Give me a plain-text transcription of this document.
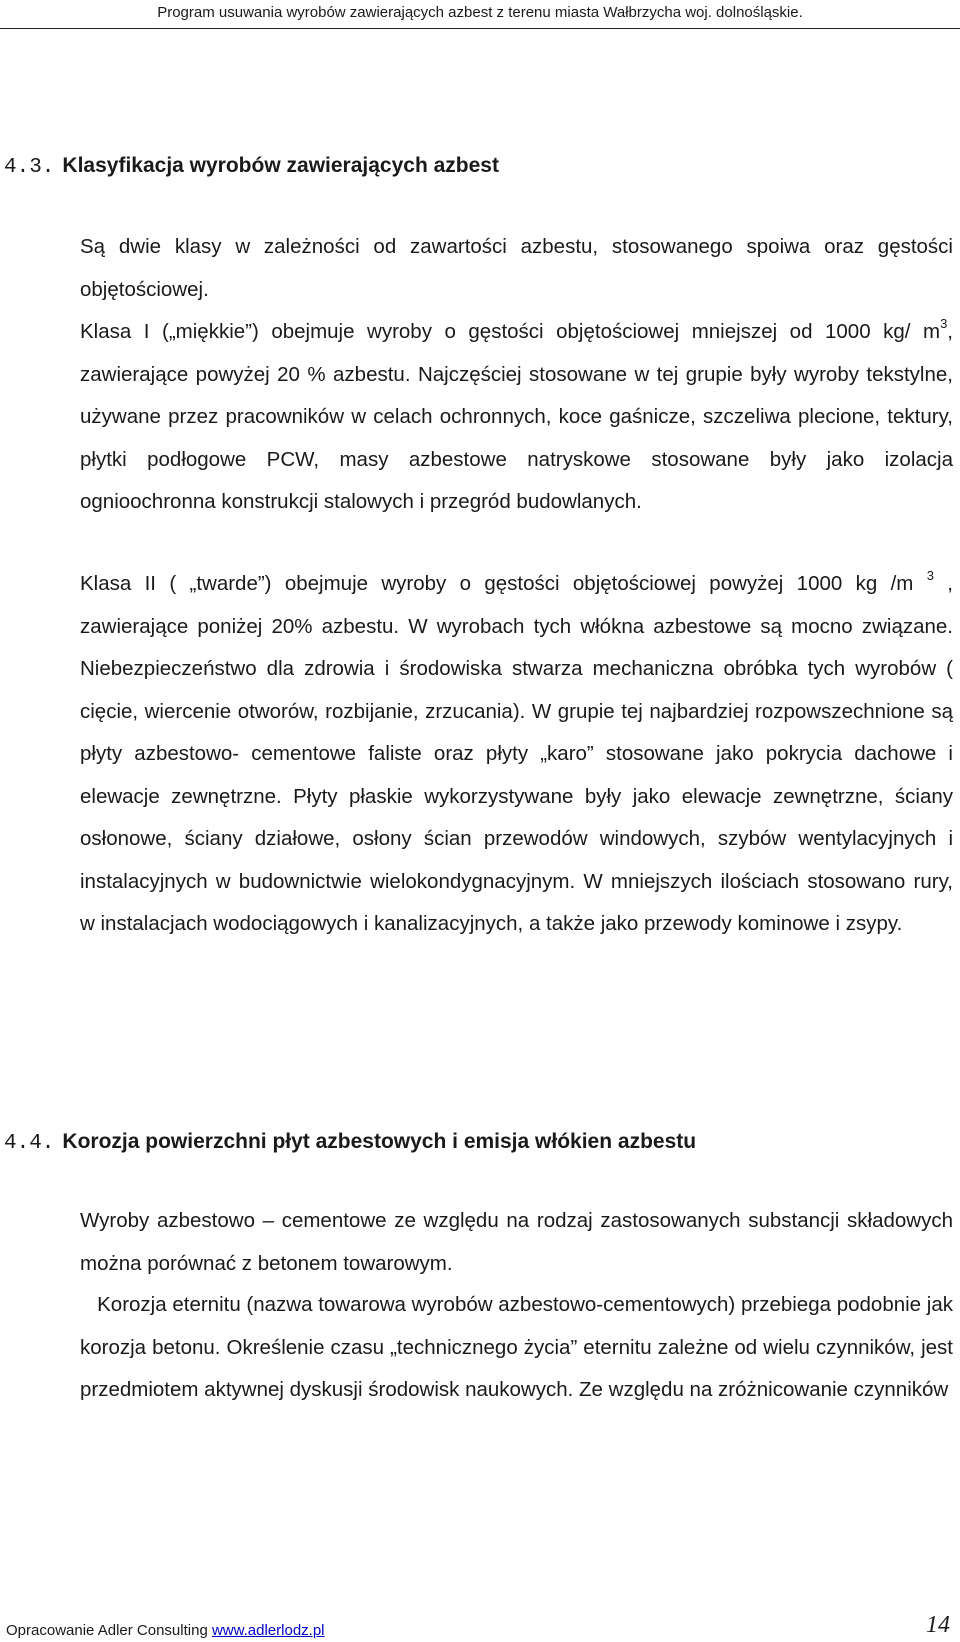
Program usuwania wyrobów zawierających azbest z terenu miasta Wałbrzycha woj. dolnośląskie.
4.3. Klasyfikacja wyrobów zawierających azbest

Są dwie klasy w zależności od zawartości azbestu, stosowanego spoiwa oraz gęstości objętościowej.

Klasa I („miękkie”) obejmuje wyroby o gęstości objętościowej mniejszej od 1000 kg/ $m^3$, zawierające powyżej 20 % azbestu. Najczęściej stosowane w tej grupie były wyroby tekstylne, używane przez pracowników w celach ochronnych, koce gaśnicze, szczeliwa plecione, tektury, płytki podłogowe PCW, masy azbestowe natryskowe stosowane były jako izolacja ognioochronna konstrukcji stalowych i przegród budowlanych.

Klasa II ( „twarde”) obejmuje wyroby o gęstości objętościowej powyżej 1000 kg /m $^3$ , zawierające poniżej 20% azbestu. W wyrobach tych włókna azbestowe są mocno związane. Niebezpieczeństwo dla zdrowia i środowiska stwarza mechaniczna obróbka tych wyrobów ( cięcie, wiercenie otworów, rozbijanie, zrzucania). W grupie tej najbardziej rozpowszechnione są płyty azbestowo- cementowe faliste oraz płyty „karo” stosowane jako pokrycia dachowe i elewacje zewnętrzne. Płyty płaskie wykorzystywane były jako elewacje zewnętrzne, ściany osłonowe, ściany działowe, osłony ścian przewodów windowych, szybów wentylacyjnych i instalacyjnych w budownictwie wielokondygnacyjnym. W mniejszych ilościach stosowano rury, w instalacjach wodociągowych i kanalizacyjnych, a także jako przewody kominowe i zsypy.

4.4. Korozja powierzchni płyt azbestowych i emisja włókien azbestu

Wyroby azbestowo – cementowe ze względu na rodzaj zastosowanych substancji składowych można porównać z betonem towarowym.

Korozja eternitu (nazwa towarowa wyrobów azbestowo-cementowych) przebiega podobnie jak korozja betonu. Określenie czasu „technicznego życia” eternitu zależne od wielu czynników, jest przedmiotem aktywnej dyskusji środowisk naukowych. Ze względu na zróżnicowanie czynników

Opracowanie Adler Consulting www.adlerlodz.pl	14
